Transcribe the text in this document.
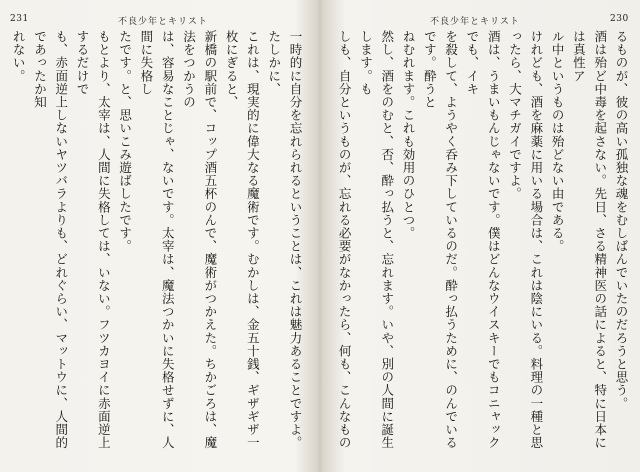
231	不良少年とキリスト

一時的に自分を忘れられるということは、これは魅力あることですよ。たしかに、

これは、現実的に偉大なる魔術です。むかしは、金五十銭、ギザギザ一枚にぎると、

新橋の駅前で、コップ酒五杯のんで、魔術がつかえた。ちかごろは、魔法をつかうの

は、容易なことじゃ、ないです。太宰は、魔法つかいに失格せずに、人間に失格し

たです。と、思いこみ遊ばしたです。

もとより、太宰は、人間に失格しては、いない。フツカヨイに赤面逆上するだけで

も、赤面逆上しないヤツバラよりも、どれぐらい、マットウに、人間的であったか知

れない。

不良少年とキリスト	230

るものが、彼の高い孤独な魂をむしばんでいたのだろうと思う。

酒は殆ど中毒を起さない。先日、さる精神医の話によると、特に日本には真性ア

ル中というものは殆どない由である。

けれども、酒を麻薬に用いる場合は、これは陰にいる。料理の一種と思ったら、大マチガイですよ。

酒は、うまいもんじゃないです。僕はどんなウイスキーでもコニャックでも、イキ

を殺して、ようやく呑み下しているのだ。酔っ払うために、のんでいるです。酔うと

ねむれます。これも効用のひとつ。

然し、酒をのむと、否、酔っ払うと、忘れます。いや、別の人間に誕生します。も

しも、自分というものが、忘れる必要がなかったら、何も、こんなもの
